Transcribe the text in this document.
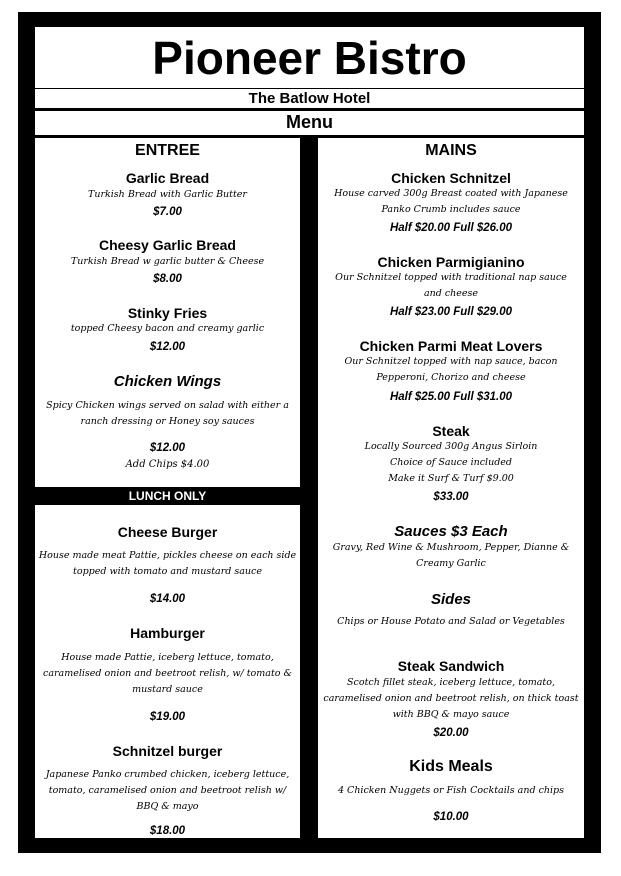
Pioneer Bistro
The Batlow Hotel
Menu
ENTREE
Garlic Bread
Turkish Bread with Garlic Butter
$7.00
Cheesy Garlic Bread
Turkish Bread w garlic butter & Cheese
$8.00
Stinky Fries
topped Cheesy bacon and creamy garlic
$12.00
Chicken Wings
Spicy Chicken wings served on salad with either a
ranch dressing or Honey soy sauces
$12.00
Add Chips $4.00
LUNCH ONLY
Cheese Burger
House made meat Pattie, pickles cheese on each side
topped with tomato and mustard sauce
$14.00
Hamburger
House made Pattie, iceberg lettuce, tomato,
caramelised onion and beetroot relish, w/ tomato &
mustard sauce
$19.00
Schnitzel burger
Japanese Panko crumbed chicken, iceberg lettuce,
tomato, caramelised onion and beetroot relish w/
BBQ & mayo
$18.00
MAINS
Chicken Schnitzel
House carved 300g Breast coated with Japanese
Panko Crumb includes sauce
Half $20.00 Full $26.00
Chicken Parmigianino
Our Schnitzel topped with traditional nap sauce
and cheese
Half $23.00 Full $29.00
Chicken Parmi Meat Lovers
Our Schnitzel topped with nap sauce, bacon
Pepperoni, Chorizo and cheese
Half $25.00 Full $31.00
Steak
Locally Sourced 300g Angus Sirloin
Choice of Sauce included
Make it Surf & Turf $9.00
$33.00
Sauces $3 Each
Gravy, Red Wine & Mushroom, Pepper, Dianne &
Creamy Garlic
Sides
Chips or House Potato and Salad or Vegetables
Steak Sandwich
Scotch fillet steak, iceberg lettuce, tomato,
caramelised onion and beetroot relish, on thick toast
with BBQ & mayo sauce
$20.00
Kids Meals
4 Chicken Nuggets or Fish Cocktails and chips
$10.00
